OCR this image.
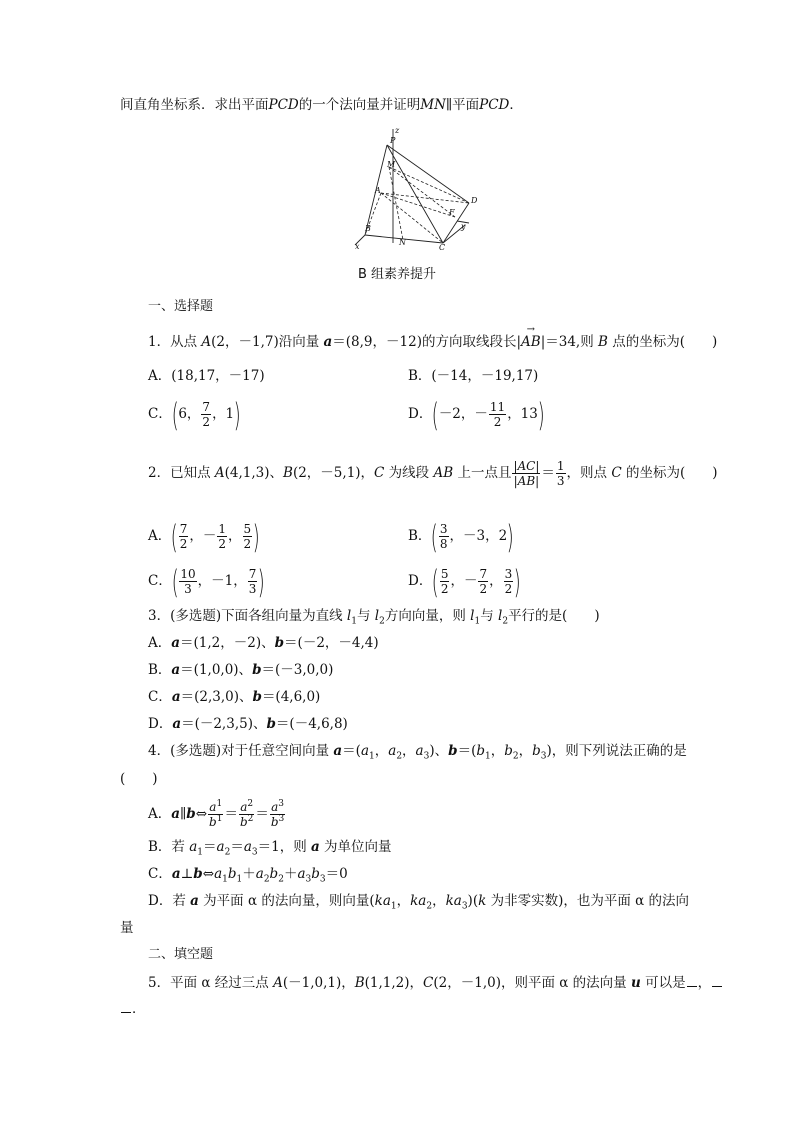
间直角坐标系．求出平面PCD的一个法向量并证明MN∥平面PCD．
z
P
M
A
D
F
y
B
N
C
x
B 组素养提升
一、选择题
1．从点 A(2，－1,7)沿向量 a＝(8,9，－12)的方向取线段长|→ AB|＝34,则 B 点的坐标为(　　)
A．(18,17，－17)	B．(－14，－19,17)
C．(6， $\frac{7}{2}$ ，1)	D．(－2，－ $\frac{11}{2}$ ，13)
2．已知点 A(4,1,3)、B(2，－5,1)，C 为线段 AB 上一点且 $\frac{|AC|}{|AB|} = \frac{1}{3}$ ，则点 C 的坐标为(　　)
A．( $\frac{7}{2}$ ，－ $\frac{1}{2}$ ， $\frac{5}{2}$ )	B．( $\frac{3}{8}$ ，－3，2)
C．( $\frac{10}{3}$ ，－1， $\frac{7}{3}$ )	D．( $\frac{5}{2}$ ，－ $\frac{7}{2}$ ， $\frac{3}{2}$ )
3．(多选题)下面各组向量为直线 $l_1$与 $l_2$方向向量，则 $l_1$与 $l_2$平行的是(　　)
A．a＝(1,2，－2)、b＝(－2，－4,4)
B．a＝(1,0,0)、b＝(－3,0,0)
C．a＝(2,3,0)、b＝(4,6,0)
D．a＝(－2,3,5)、b＝(－4,6,8)
4．(多选题)对于任意空间向量 $a=(a_1$，$a_2$，$a_3$)、$b=(b_1$，$b_2$，$b_3$)，则下列说法正确的是
(　　)
A．a∥b⇔ $\frac{a^1}{b^1} = \frac{a^2}{b^2} = \frac{a^3}{b^3}$
B．若 $a_1=a_2=a_3=1$，则 a 为单位向量
C．$a\perp b\Leftrightarrow a_1b_1+a_2b_2+a_3b_3=0$
D．若 a 为平面 α 的法向量，则向量($ka_1$，$ka_2$，$ka_3)(k$ 为非零实数)，也为平面 α 的法向
量
二、填空题
5．平面 α 经过三点 A(－1,0,1)，B(1,1,2)，C(2，－1,0)，则平面 α 的法向量 u 可以是 ，
．
